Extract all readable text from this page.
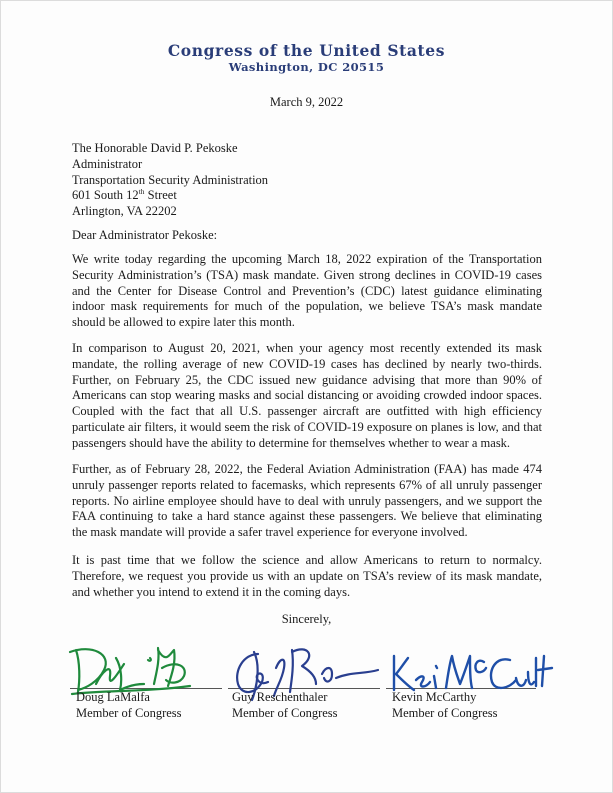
Congress of the United States
Washington, DC 20515
March 9, 2022
The Honorable David P. Pekoske
Administrator
Transportation Security Administration
601 South 12th Street
Arlington, VA 22202
Dear Administrator Pekoske:

We write today regarding the upcoming March 18, 2022 expiration of the Transportation Security Administration’s (TSA) mask mandate. Given strong declines in COVID-19 cases and the Center for Disease Control and Prevention’s (CDC) latest guidance eliminating indoor mask requirements for much of the population, we believe TSA’s mask mandate should be allowed to expire later this month.

In comparison to August 20, 2021, when your agency most recently extended its mask mandate, the rolling average of new COVID-19 cases has declined by nearly two-thirds. Further, on February 25, the CDC issued new guidance advising that more than 90% of Americans can stop wearing masks and social distancing or avoiding crowded indoor spaces. Coupled with the fact that all U.S. passenger aircraft are outfitted with high efficiency particulate air filters, it would seem the risk of COVID-19 exposure on planes is low, and that passengers should have the ability to determine for themselves whether to wear a mask.

Further, as of February 28, 2022, the Federal Aviation Administration (FAA) has made 474 unruly passenger reports related to facemasks, which represents 67% of all unruly passenger reports. No airline employee should have to deal with unruly passengers, and we support the FAA continuing to take a hard stance against these passengers. We believe that eliminating the mask mandate will provide a safer travel experience for everyone involved.

It is past time that we follow the science and allow Americans to return to normalcy. Therefore, we request you provide us with an update on TSA’s review of its mask mandate, and whether you intend to extend it in the coming days.

Sincerely,
Doug LaMalfa
Member of Congress
Guy Reschenthaler
Member of Congress
Kevin McCarthy
Member of Congress
